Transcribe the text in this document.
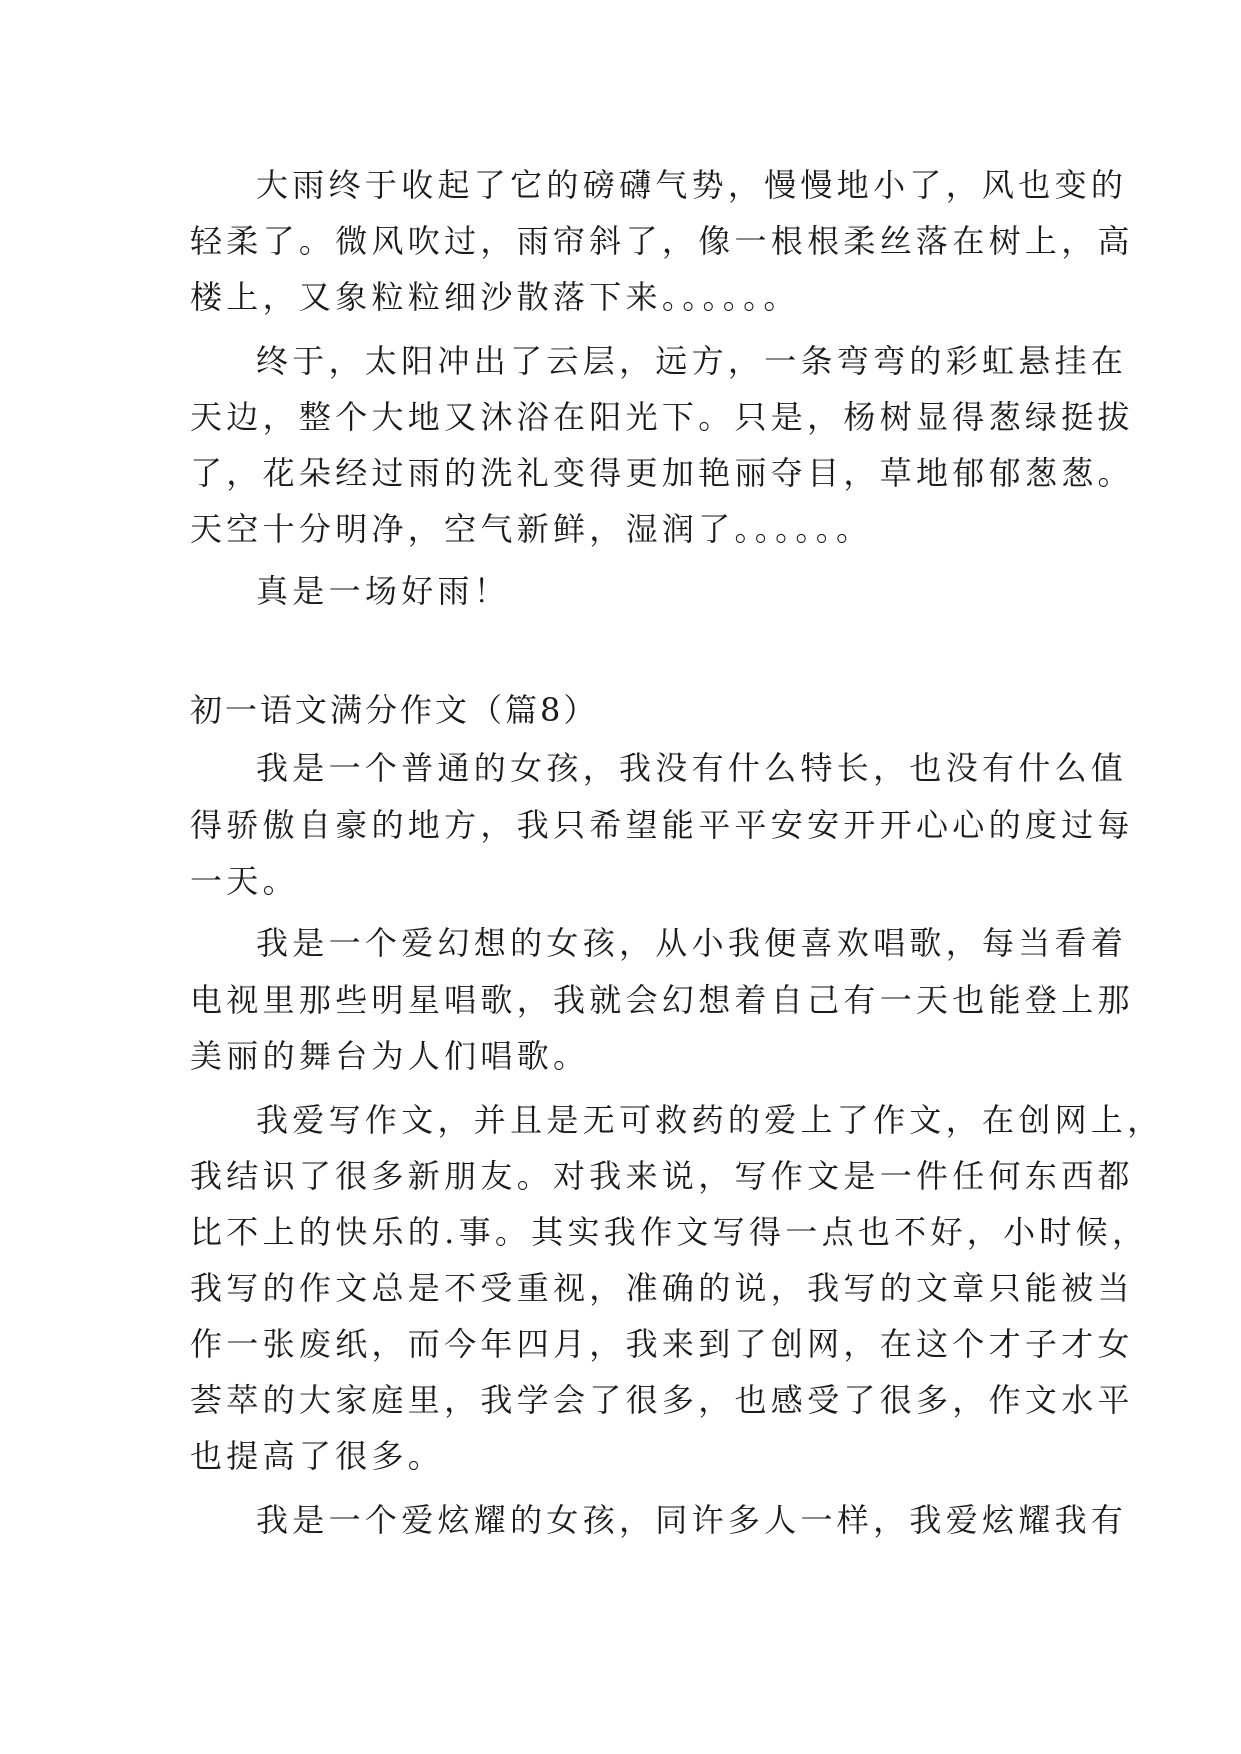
大雨终于收起了它的磅礴气势，慢慢地小了，风也变的
轻柔了。微风吹过，雨帘斜了，像一根根柔丝落在树上，高
楼上，又象粒粒细沙散落下来。。。。。。
终于，太阳冲出了云层，远方，一条弯弯的彩虹悬挂在
天边，整个大地又沐浴在阳光下。只是，杨树显得葱绿挺拔
了，花朵经过雨的洗礼变得更加艳丽夺目，草地郁郁葱葱。
天空十分明净，空气新鲜，湿润了。。。。。。
真是一场好雨！
初一语文满分作文（篇8）
我是一个普通的女孩，我没有什么特长，也没有什么值
得骄傲自豪的地方，我只希望能平平安安开开心心的度过每
一天。
我是一个爱幻想的女孩，从小我便喜欢唱歌，每当看着
电视里那些明星唱歌，我就会幻想着自己有一天也能登上那
美丽的舞台为人们唱歌。
我爱写作文，并且是无可救药的爱上了作文，在创网上，
我结识了很多新朋友。对我来说，写作文是一件任何东西都
比不上的快乐的.事。其实我作文写得一点也不好，小时候，
我写的作文总是不受重视，准确的说，我写的文章只能被当
作一张废纸，而今年四月，我来到了创网，在这个才子才女
荟萃的大家庭里，我学会了很多，也感受了很多，作文水平
也提高了很多。
我是一个爱炫耀的女孩，同许多人一样，我爱炫耀我有
